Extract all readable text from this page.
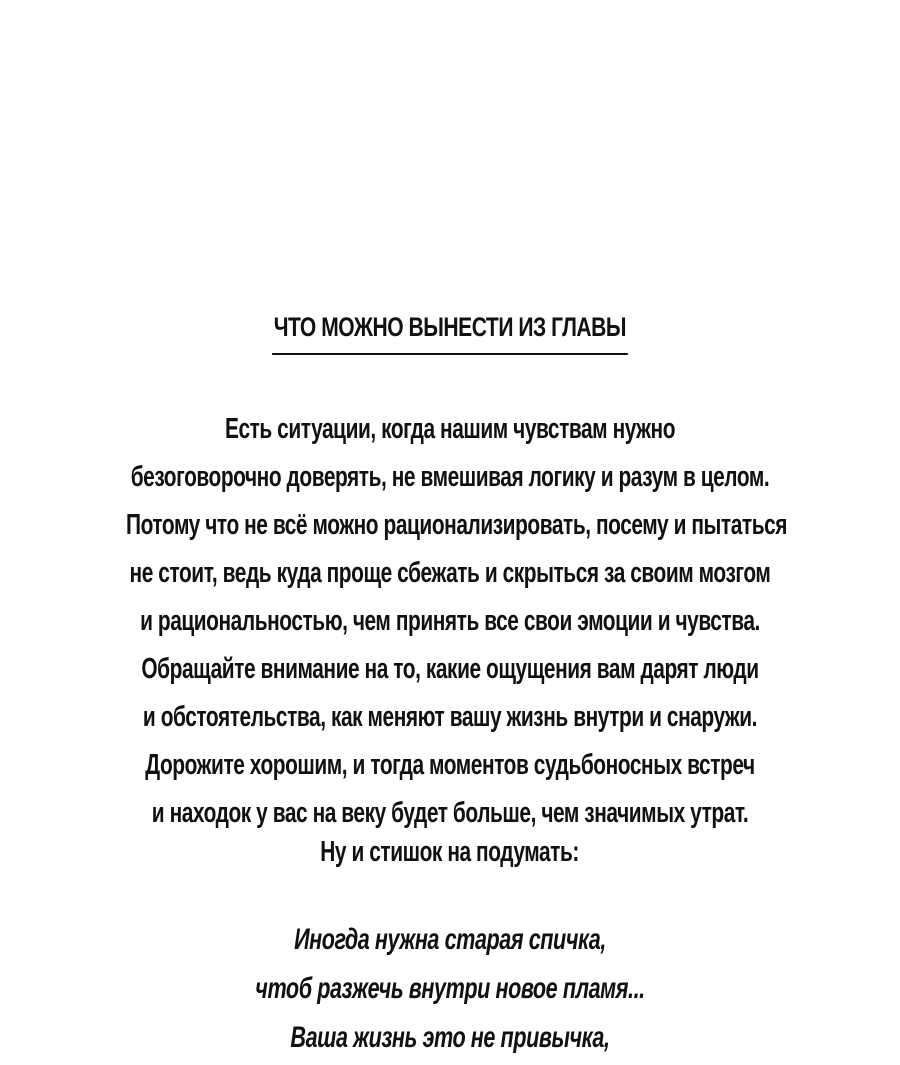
ЧТО МОЖНО ВЫНЕСТИ ИЗ ГЛАВЫ
Есть ситуации, когда нашим чувствам нужно
безоговорочно доверять, не вмешивая логику и разум в целом.
Потому что не всё можно рационализировать, посему и пытаться
не стоит, ведь куда проще сбежать и скрыться за своим мозгом
и рациональностью, чем принять все свои эмоции и чувства.
Обращайте внимание на то, какие ощущения вам дарят люди
и обстоятельства, как меняют вашу жизнь внутри и снаружи.
Дорожите хорошим, и тогда моментов судьбоносных встреч
и находок у вас на веку будет больше, чем значимых утрат.
Ну и стишок на подумать:
Иногда нужна старая спичка,
чтоб разжечь внутри новое пламя...
Ваша жизнь это не привычка,
